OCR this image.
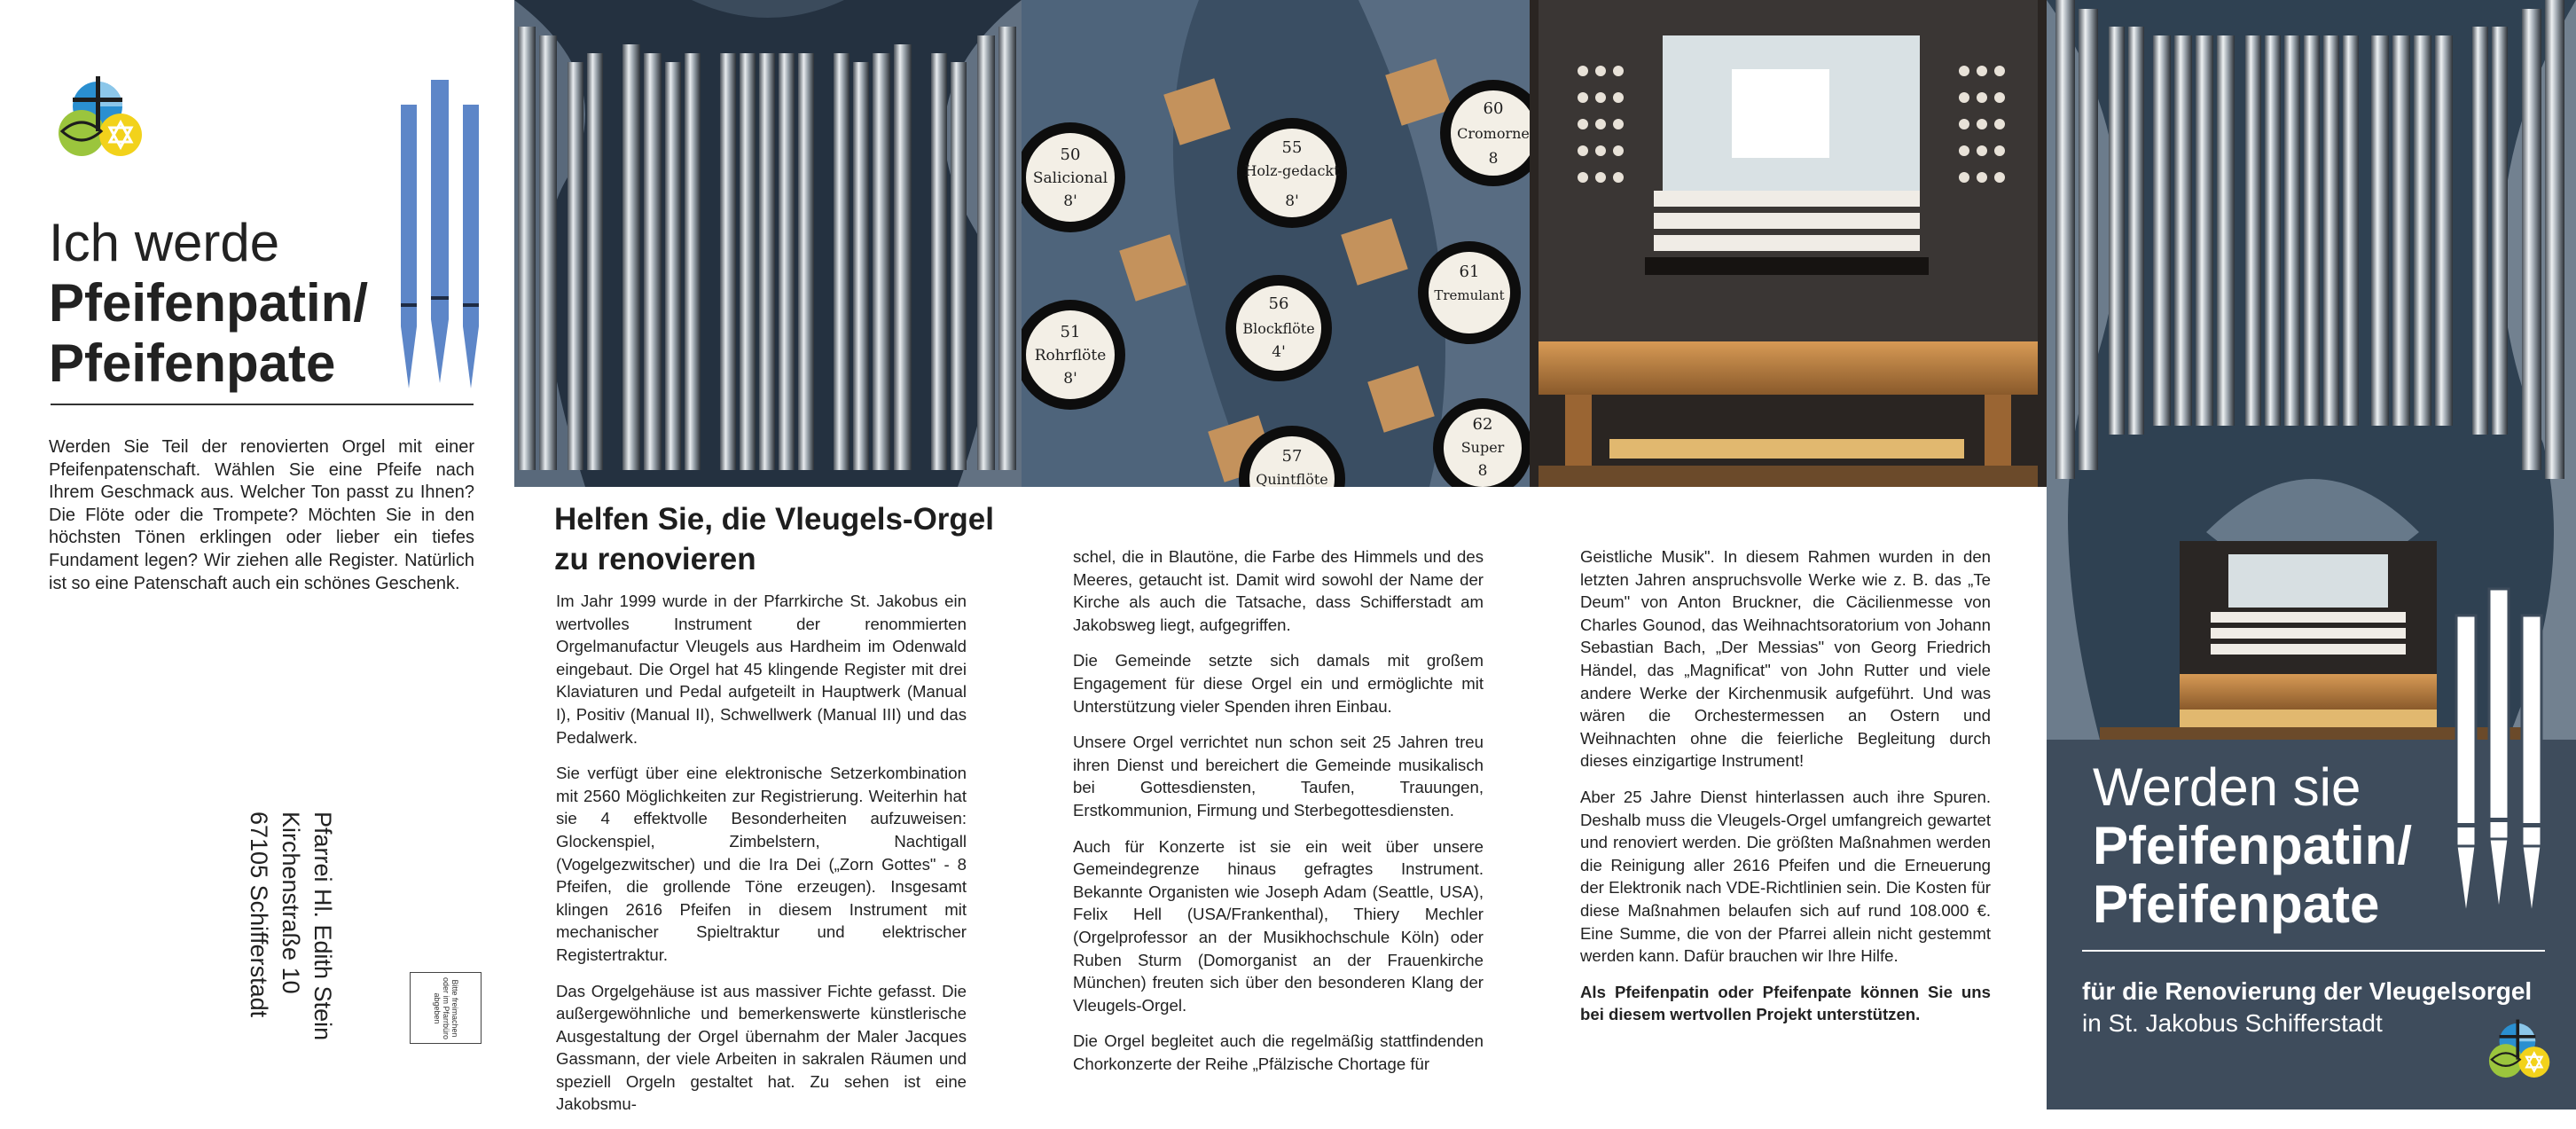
Ich werde
Pfeifenpatin/
Pfeifenpate
Werden Sie Teil der renovierten Orgel mit einer Pfeifenpatenschaft. Wählen Sie eine Pfeife nach Ihrem Geschmack aus. Welcher Ton passt zu Ihnen? Die Flöte oder die Trompete? Möchten Sie in den höchsten Tönen erklingen oder lieber ein tiefes Fundament legen? Wir ziehen alle Register. Natürlich ist so eine Patenschaft auch ein schönes Geschenk.
Pfarrei Hl. Edith Stein
Kirchenstraße 10
67105 Schifferstadt	Bitte freimachen oder im Pfarrbüro abgeben
50
Salicional
8'
55
Holz-gedackt
8'
60
Cromorne
8
51
Rohrflöte
8'
56
Blockflöte
4'
61
Tremulant
57
Quintflöte
62
Super
8
Helfen Sie, die Vleugels-Orgel
zu renovieren

Im Jahr 1999 wurde in der Pfarrkirche St. Jakobus ein wertvolles Instrument der renommierten Orgelmanufactur Vleugels aus Hardheim im Odenwald eingebaut. Die Orgel hat 45 klingende Register mit drei Klaviaturen und Pedal aufgeteilt in Hauptwerk (Manual I), Positiv (Manual II), Schwellwerk (Manual III) und das Pedalwerk.

Sie verfügt über eine elektronische Setzerkombination mit 2560 Möglichkeiten zur Registrierung. Weiterhin hat sie 4 effektvolle Besonderheiten aufzuweisen: Glockenspiel, Zimbelstern, Nachtigall (Vogelgezwitscher) und die Ira Dei („Zorn Gottes" - 8 Pfeifen, die grollende Töne erzeugen). Insgesamt klingen 2616 Pfeifen in diesem Instrument mit mechanischer Spieltraktur und elektrischer Registertraktur.

Das Orgelgehäuse ist aus massiver Fichte gefasst. Die außergewöhnliche und bemerkenswerte künstlerische Ausgestaltung der Orgel übernahm der Maler Jacques Gassmann, der viele Arbeiten in sakralen Räumen und speziell Orgeln gestaltet hat. Zu sehen ist eine Jakobsmu-

schel, die in Blautöne, die Farbe des Himmels und des Meeres, getaucht ist. Damit wird sowohl der Name der Kirche als auch die Tatsache, dass Schifferstadt am Jakobsweg liegt, aufgegriffen.

Die Gemeinde setzte sich damals mit großem Engagement für diese Orgel ein und ermöglichte mit Unterstützung vieler Spenden ihren Einbau.

Unsere Orgel verrichtet nun schon seit 25 Jahren treu ihren Dienst und bereichert die Gemeinde musikalisch bei Gottesdiensten, Taufen, Trauungen, Erstkommunion, Firmung und Sterbegottesdiensten.

Auch für Konzerte ist sie ein weit über unsere Gemeindegrenze hinaus gefragtes Instrument. Bekannte Organisten wie Joseph Adam (Seattle, USA), Felix Hell (USA/Frankenthal), Thiery Mechler (Orgelprofessor an der Musikhochschule Köln) oder Ruben Sturm (Domorganist an der Frauenkirche München) freuten sich über den besonderen Klang der Vleugels-Orgel.

Die Orgel begleitet auch die regelmäßig stattfindenden Chorkonzerte der Reihe „Pfälzische Chortage für

Geistliche Musik". In diesem Rahmen wurden in den letzten Jahren anspruchsvolle Werke wie z. B. das „Te Deum" von Anton Bruckner, die Cäcilienmesse von Charles Gounod, das Weihnachtsoratorium von Johann Sebastian Bach, „Der Messias" von Georg Friedrich Händel, das „Magnificat" von John Rutter und viele andere Werke der Kirchenmusik aufgeführt. Und was wären die Orchestermessen an Ostern und Weihnachten ohne die feierliche Begleitung durch dieses einzigartige Instrument!

Aber 25 Jahre Dienst hinterlassen auch ihre Spuren. Deshalb muss die Vleugels-Orgel umfangreich gewartet und renoviert werden. Die größten Maßnahmen werden die Reinigung aller 2616 Pfeifen und die Erneuerung der Elektronik nach VDE-Richtlinien sein. Die Kosten für diese Maßnahmen belaufen sich auf rund 108.000 €. Eine Summe, die von der Pfarrei allein nicht gestemmt werden kann. Dafür brauchen wir Ihre Hilfe.

Als Pfeifenpatin oder Pfeifenpate können Sie uns bei diesem wertvollen Projekt unterstützen.

Werden sie
Pfeifenpatin/
Pfeifenpate
für die Renovierung der Vleugelsorgel
in St. Jakobus Schifferstadt
